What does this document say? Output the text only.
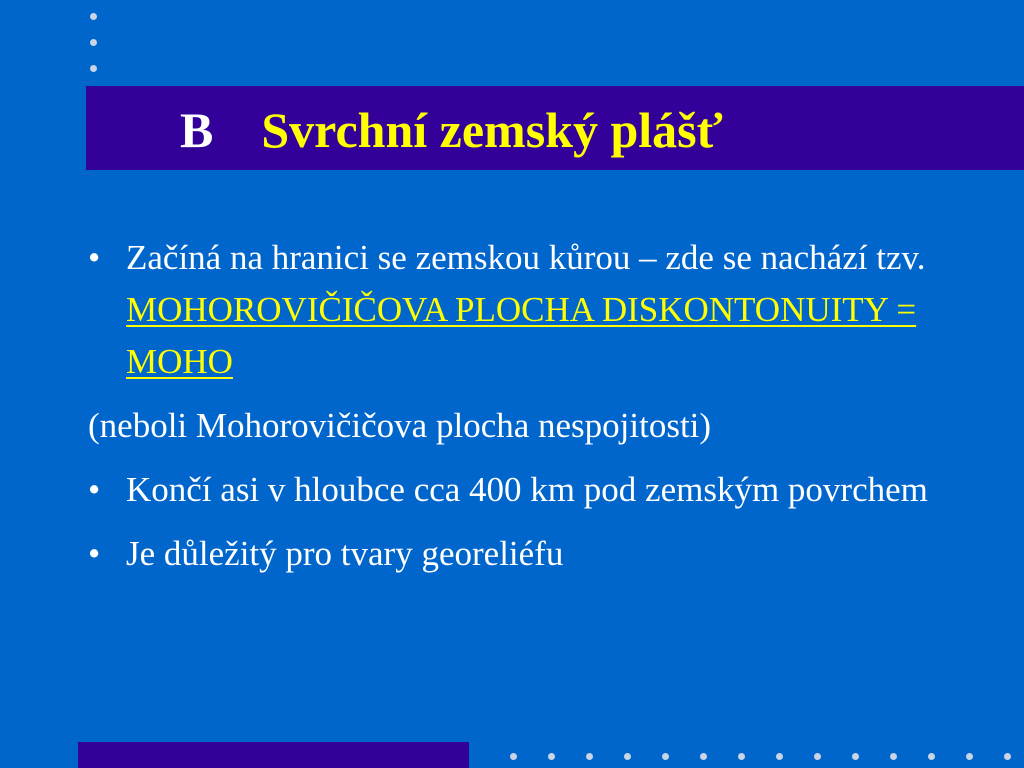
B Svrchní zemský plášť
• Začíná na hranici se zemskou kůrou – zde se nachází tzv. MOHOROVIČIČOVA PLOCHA DISKONTONUITY = MOHO
(neboli Mohorovičičova plocha nespojitosti)
• Končí asi v hloubce cca 400 km pod zemským povrchem
• Je důležitý pro tvary georeliéfu
